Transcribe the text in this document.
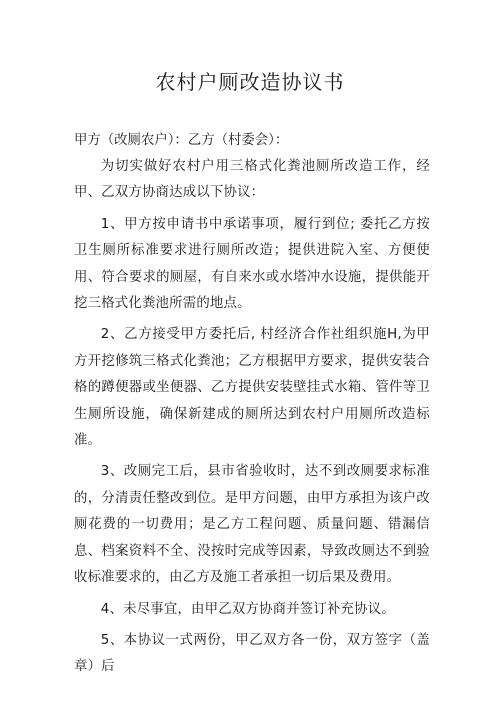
农村户厕改造协议书
甲方（改厕农户）：乙方（村委会）：

为切实做好农村户用三格式化粪池厕所改造工作，经甲、乙双方协商达成以下协议：

1、甲方按申请书中承诺事项，履行到位; 委托乙方按卫生厕所标准要求进行厕所改造；提供进院入室、方便使用、符合要求的厕屋，有自来水或水塔冲水设施，提供能开挖三格式化粪池所需的地点。

2、乙方接受甲方委托后, 村经济合作社组织施H,为甲方开挖修筑三格式化粪池；乙方根据甲方要求，提供安装合格的蹲便器或坐便器、乙方提供安装壁挂式水箱、管件等卫生厕所设施，确保新建成的厕所达到农村户用厕所改造标准。

3、改厕完工后，县市省验收时，达不到改厕要求标准的，分清责任整改到位。是甲方问题，由甲方承担为该户改厕花费的一切费用；是乙方工程问题、质量问题、错漏信息、档案资料不全、没按时完成等因素，导致改厕达不到验收标准要求的，由乙方及施工者承担一切后果及费用。

4、未尽事宜，由甲乙双方协商并签订补充协议。

5、本协议一式两份，甲乙双方各一份，双方签字（盖章）后
